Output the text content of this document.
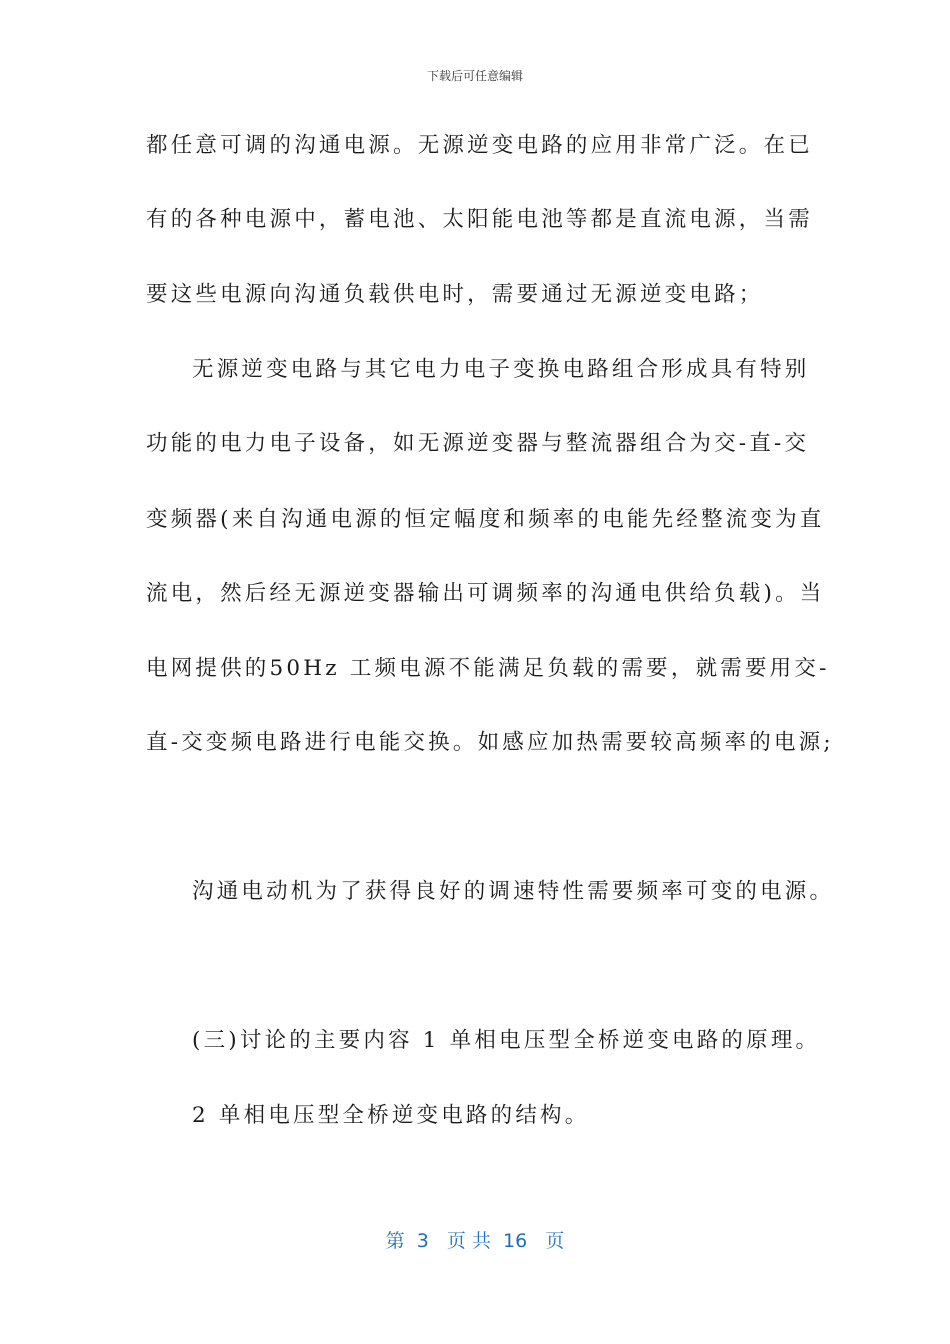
下载后可任意编辑
都任意可调的沟通电源。无源逆变电路的应用非常广泛。在已
有的各种电源中，蓄电池、太阳能电池等都是直流电源，当需
要这些电源向沟通负载供电时，需要通过无源逆变电路；
无源逆变电路与其它电力电子变换电路组合形成具有特别
功能的电力电子设备，如无源逆变器与整流器组合为交-直-交
变频器(来自沟通电源的恒定幅度和频率的电能先经整流变为直
流电，然后经无源逆变器输出可调频率的沟通电供给负载)。当
电网提供的50Hz 工频电源不能满足负载的需要，就需要用交-
直-交变频电路进行电能交换。如感应加热需要较高频率的电源;
沟通电动机为了获得良好的调速特性需要频率可变的电源。
(三)讨论的主要内容 1 单相电压型全桥逆变电路的原理。
2 单相电压型全桥逆变电路的结构。
第  3   页 共  16   页
